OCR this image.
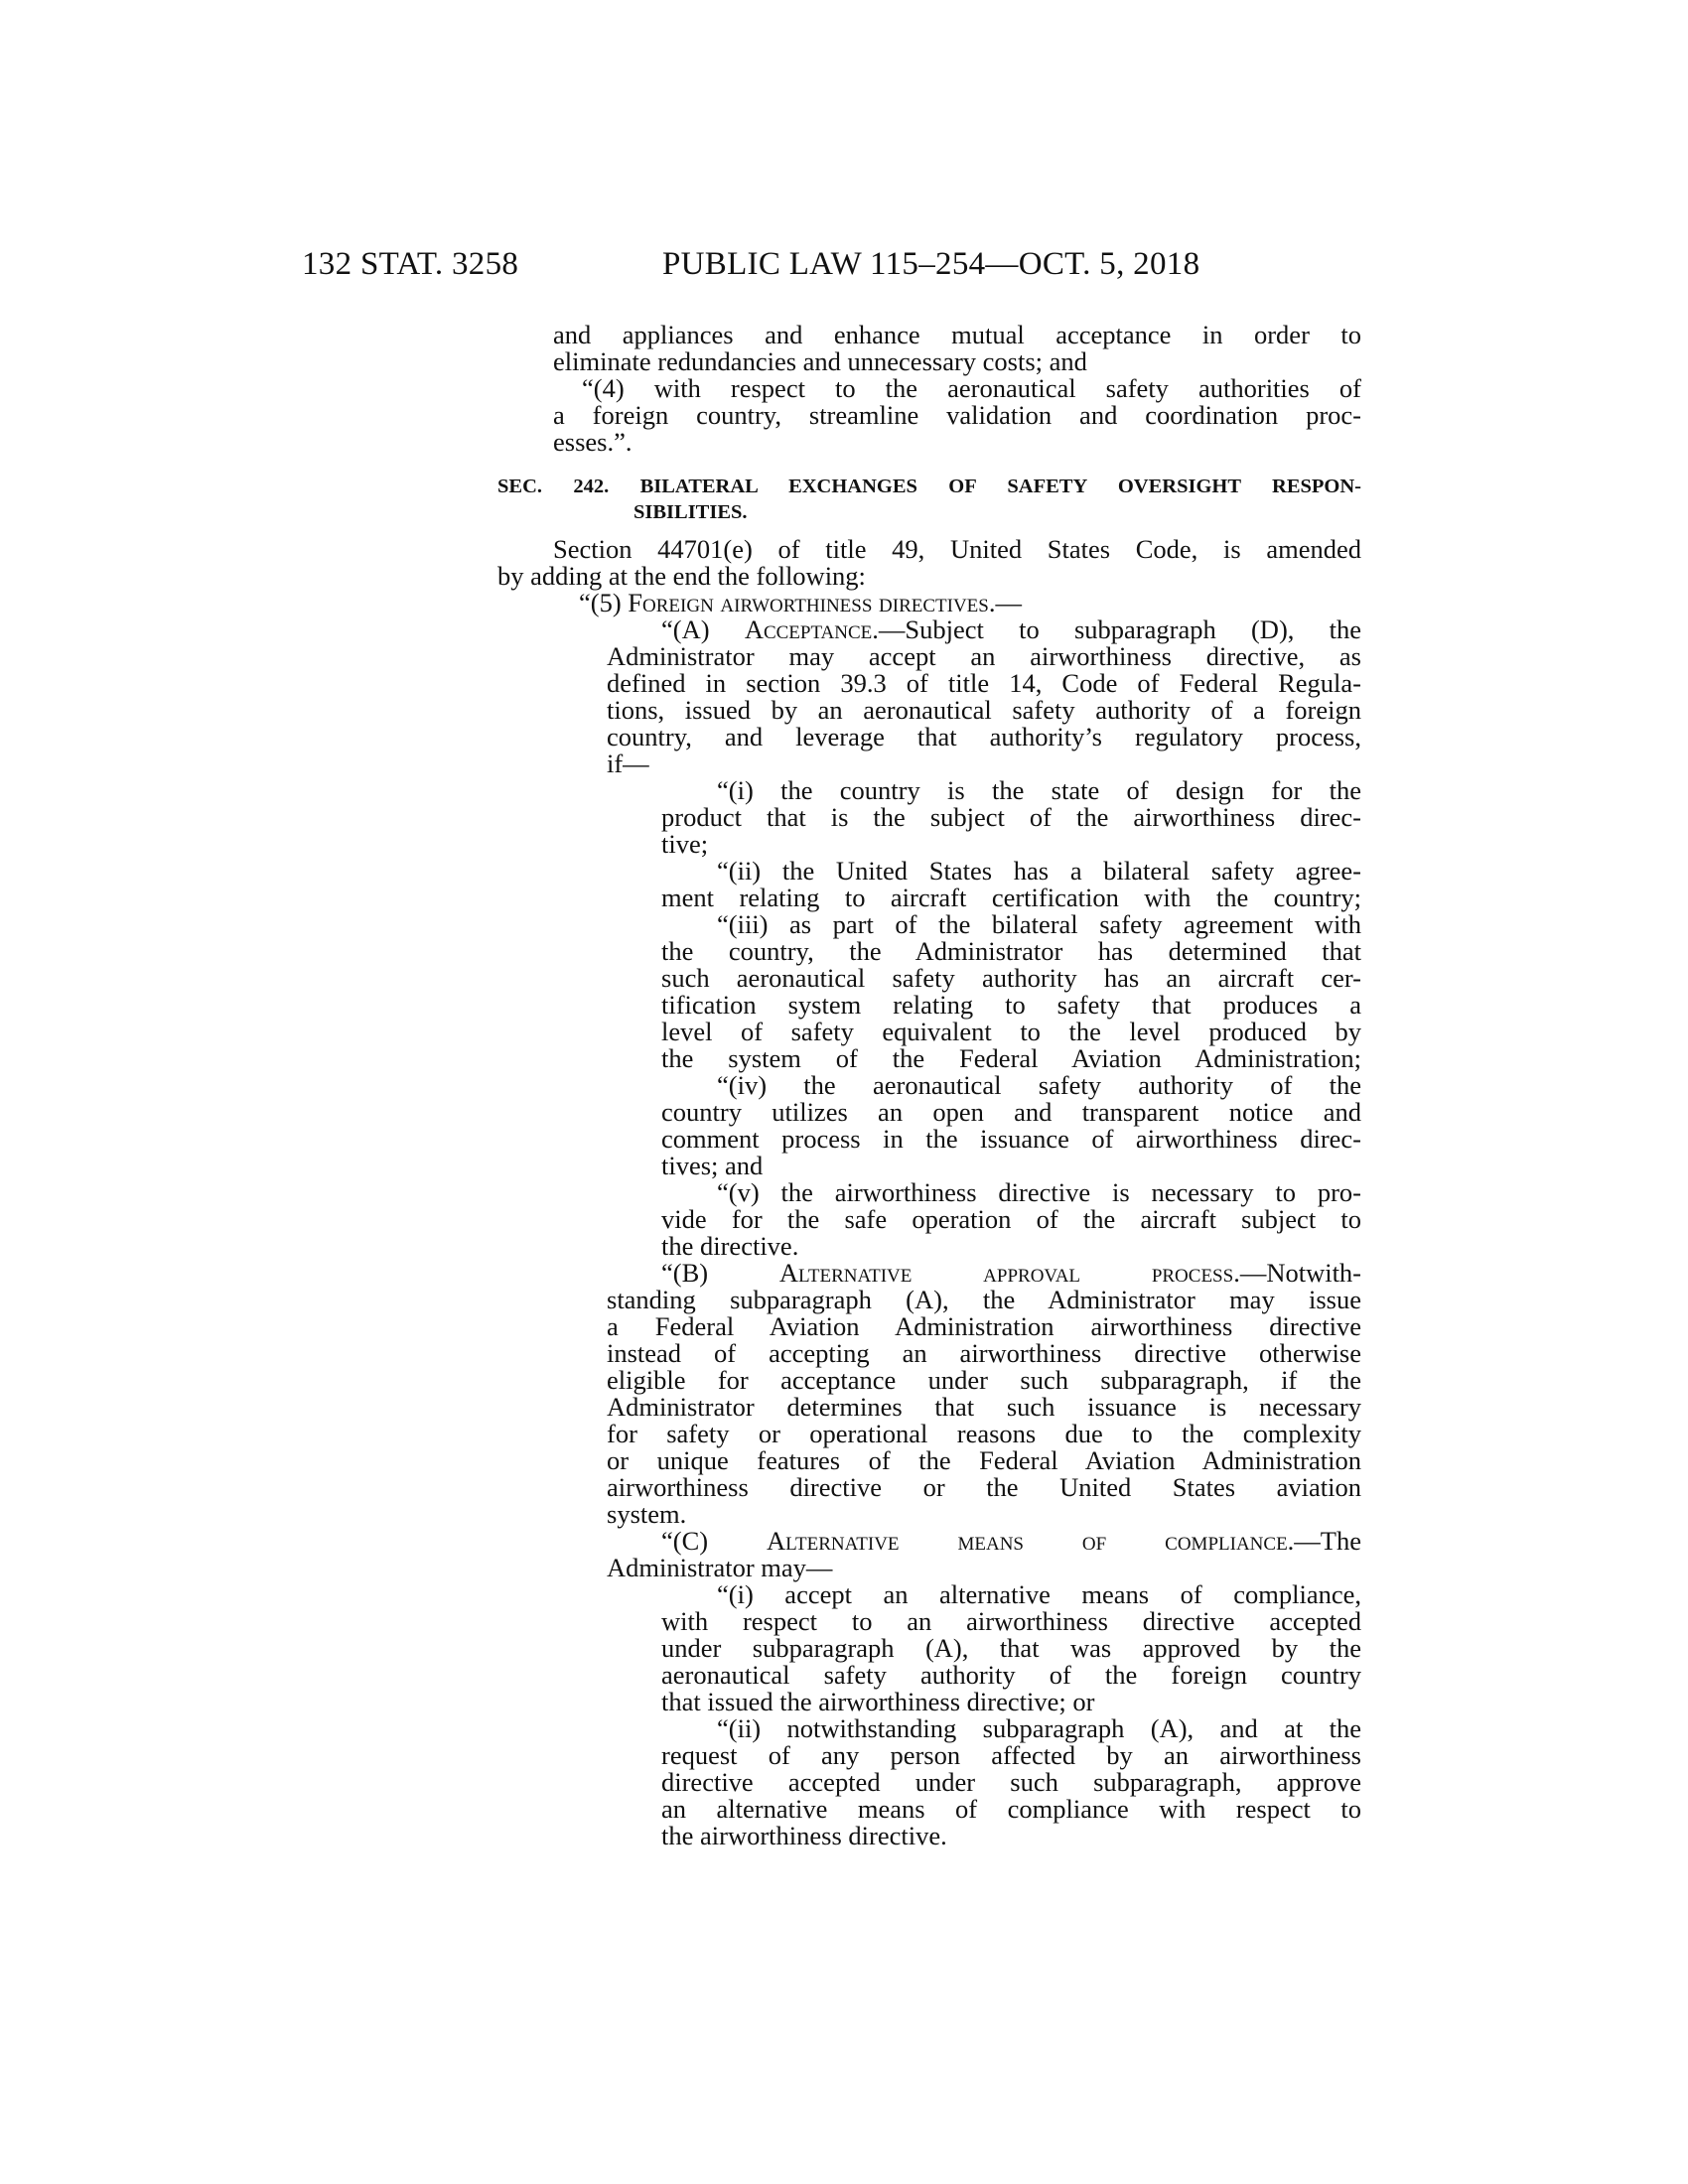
132 STAT. 3258	PUBLIC LAW 115–254—OCT. 5, 2018
and appliances and enhance mutual acceptance in order to
eliminate redundancies and unnecessary costs; and
“(4) with respect to the aeronautical safety authorities of
a foreign country, streamline validation and coordination proc-
esses.”.
SEC. 242. BILATERAL EXCHANGES OF SAFETY OVERSIGHT RESPON-
SIBILITIES.
Section 44701(e) of title 49, United States Code, is amended
by adding at the end the following:
“(5) Foreign airworthiness directives.—
“(A) Acceptance.—Subject to subparagraph (D), the
Administrator may accept an airworthiness directive, as
defined in section 39.3 of title 14, Code of Federal Regula-
tions, issued by an aeronautical safety authority of a foreign
country, and leverage that authority’s regulatory process,
if—
“(i) the country is the state of design for the
product that is the subject of the airworthiness direc-
tive;
“(ii) the United States has a bilateral safety agree-
ment relating to aircraft certification with the country;
“(iii) as part of the bilateral safety agreement with
the country, the Administrator has determined that
such aeronautical safety authority has an aircraft cer-
tification system relating to safety that produces a
level of safety equivalent to the level produced by
the system of the Federal Aviation Administration;
“(iv) the aeronautical safety authority of the
country utilizes an open and transparent notice and
comment process in the issuance of airworthiness direc-
tives; and
“(v) the airworthiness directive is necessary to pro-
vide for the safe operation of the aircraft subject to
the directive.
“(B)	Alternative approval process.—Notwith-
standing subparagraph (A), the Administrator may issue
a Federal Aviation Administration airworthiness directive
instead of accepting an airworthiness directive otherwise
eligible for acceptance under such subparagraph, if the
Administrator determines that such issuance is necessary
for safety or operational reasons due to the complexity
or unique features of the Federal Aviation Administration
airworthiness directive or the United States aviation
system.
“(C) Alternative means of compliance.—The
Administrator may—
“(i) accept an alternative means of compliance,
with respect to an airworthiness directive accepted
under subparagraph (A), that was approved by the
aeronautical safety authority of the foreign country
that issued the airworthiness directive; or
“(ii) notwithstanding subparagraph (A), and at the
request of any person affected by an airworthiness
directive accepted under such subparagraph, approve
an alternative means of compliance with respect to
the airworthiness directive.
